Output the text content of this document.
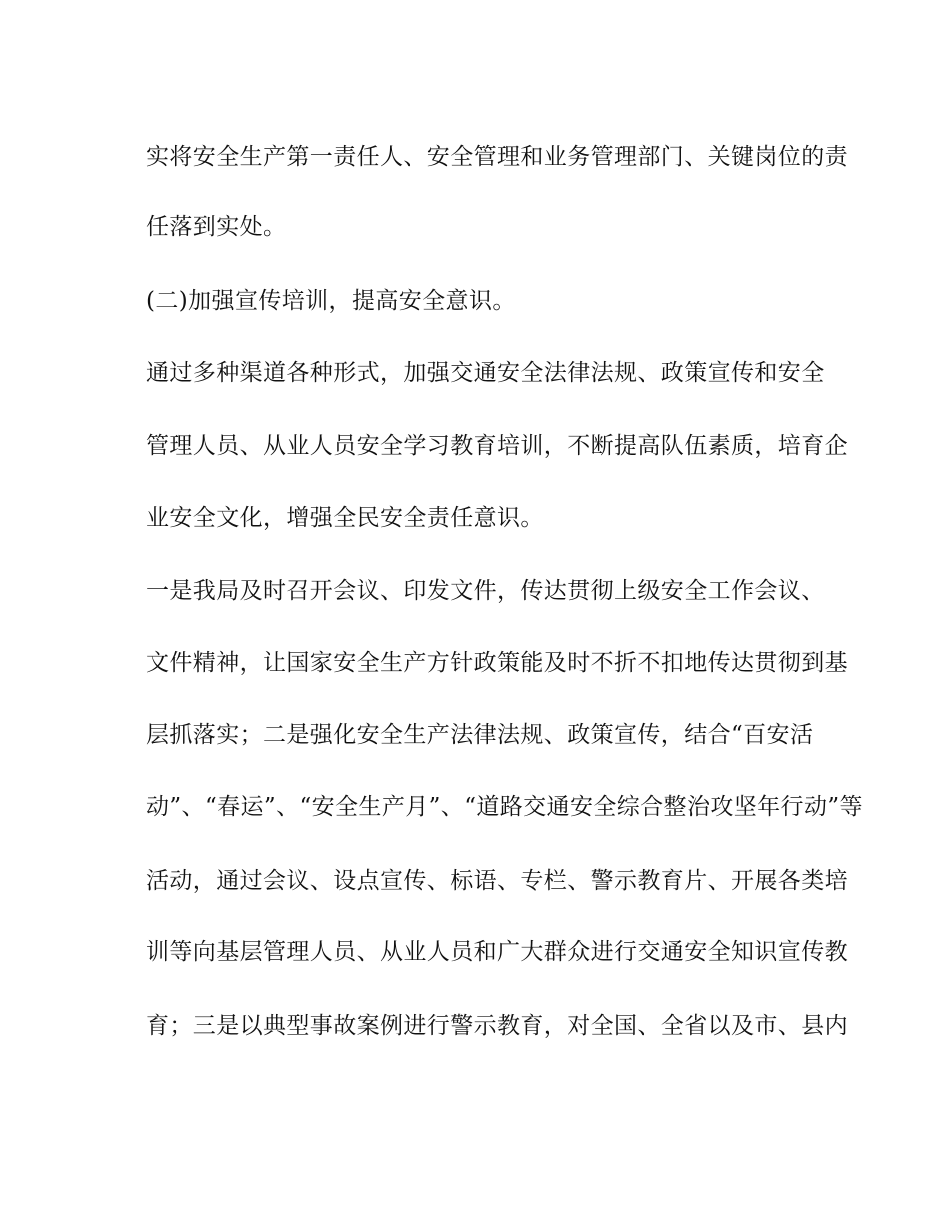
实将安全生产第一责任人、安全管理和业务管理部门、关键岗位的责
任落到实处。
(二)加强宣传培训，提高安全意识。
通过多种渠道各种形式，加强交通安全法律法规、政策宣传和安全
管理人员、从业人员安全学习教育培训，不断提高队伍素质，培育企
业安全文化，增强全民安全责任意识。
一是我局及时召开会议、印发文件，传达贯彻上级安全工作会议、
文件精神，让国家安全生产方针政策能及时不折不扣地传达贯彻到基
层抓落实；二是强化安全生产法律法规、政策宣传，结合“百安活
动”、“春运”、“安全生产月”、“道路交通安全综合整治攻坚年行动”等
活动，通过会议、设点宣传、标语、专栏、警示教育片、开展各类培
训等向基层管理人员、从业人员和广大群众进行交通安全知识宣传教
育；三是以典型事故案例进行警示教育，对全国、全省以及市、县内
